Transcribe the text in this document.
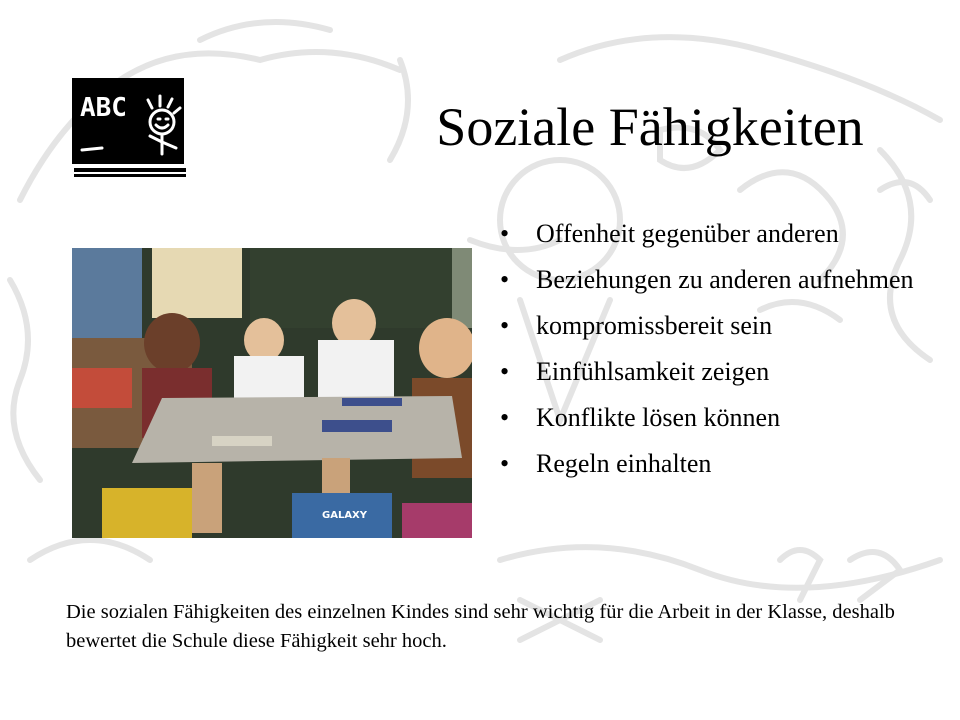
ABC	Soziale Fähigkeiten
GALAXY
• Offenheit gegenüber anderen
• Beziehungen zu anderen aufnehmen
• kompromissbereit sein
• Einfühlsamkeit zeigen
• Konflikte lösen können
• Regeln einhalten
Die sozialen Fähigkeiten des einzelnen Kindes sind sehr wichtig für die Arbeit in der Klasse, deshalb bewertet die Schule diese Fähigkeit sehr hoch.
